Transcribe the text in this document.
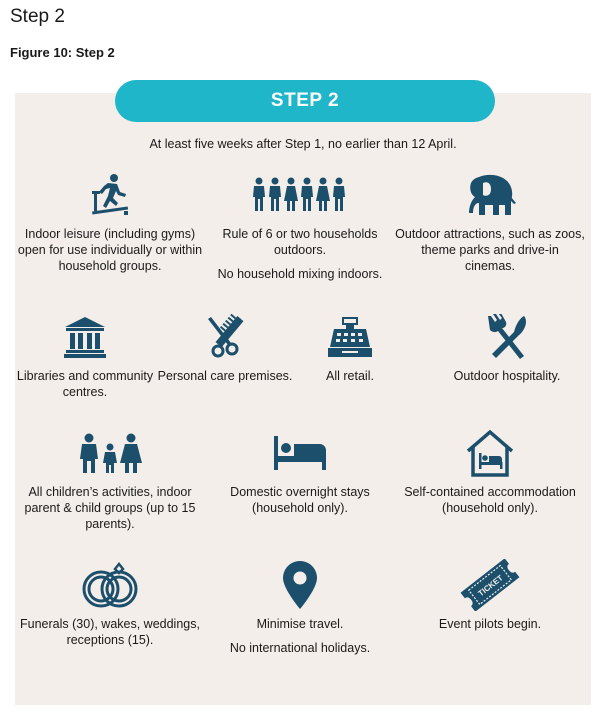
Step 2
Figure 10: Step 2
STEP 2
At least five weeks after Step 1, no earlier than 12 April.

Indoor leisure (including gyms) open for use individually or within household groups.

Rule of 6 or two households outdoors.

No household mixing indoors.

Outdoor attractions, such as zoos, theme parks and drive-in cinemas.

Libraries and community centres.

Personal care premises.	All retail.	Outdoor hospitality.

All children’s activities, indoor parent & child groups (up to 15 parents).

Domestic overnight stays (household only).

Self-contained accommodation (household only).

Funerals (30), wakes, weddings, receptions (15).

Minimise travel.

No international holidays.

TICKET

Event pilots begin.
